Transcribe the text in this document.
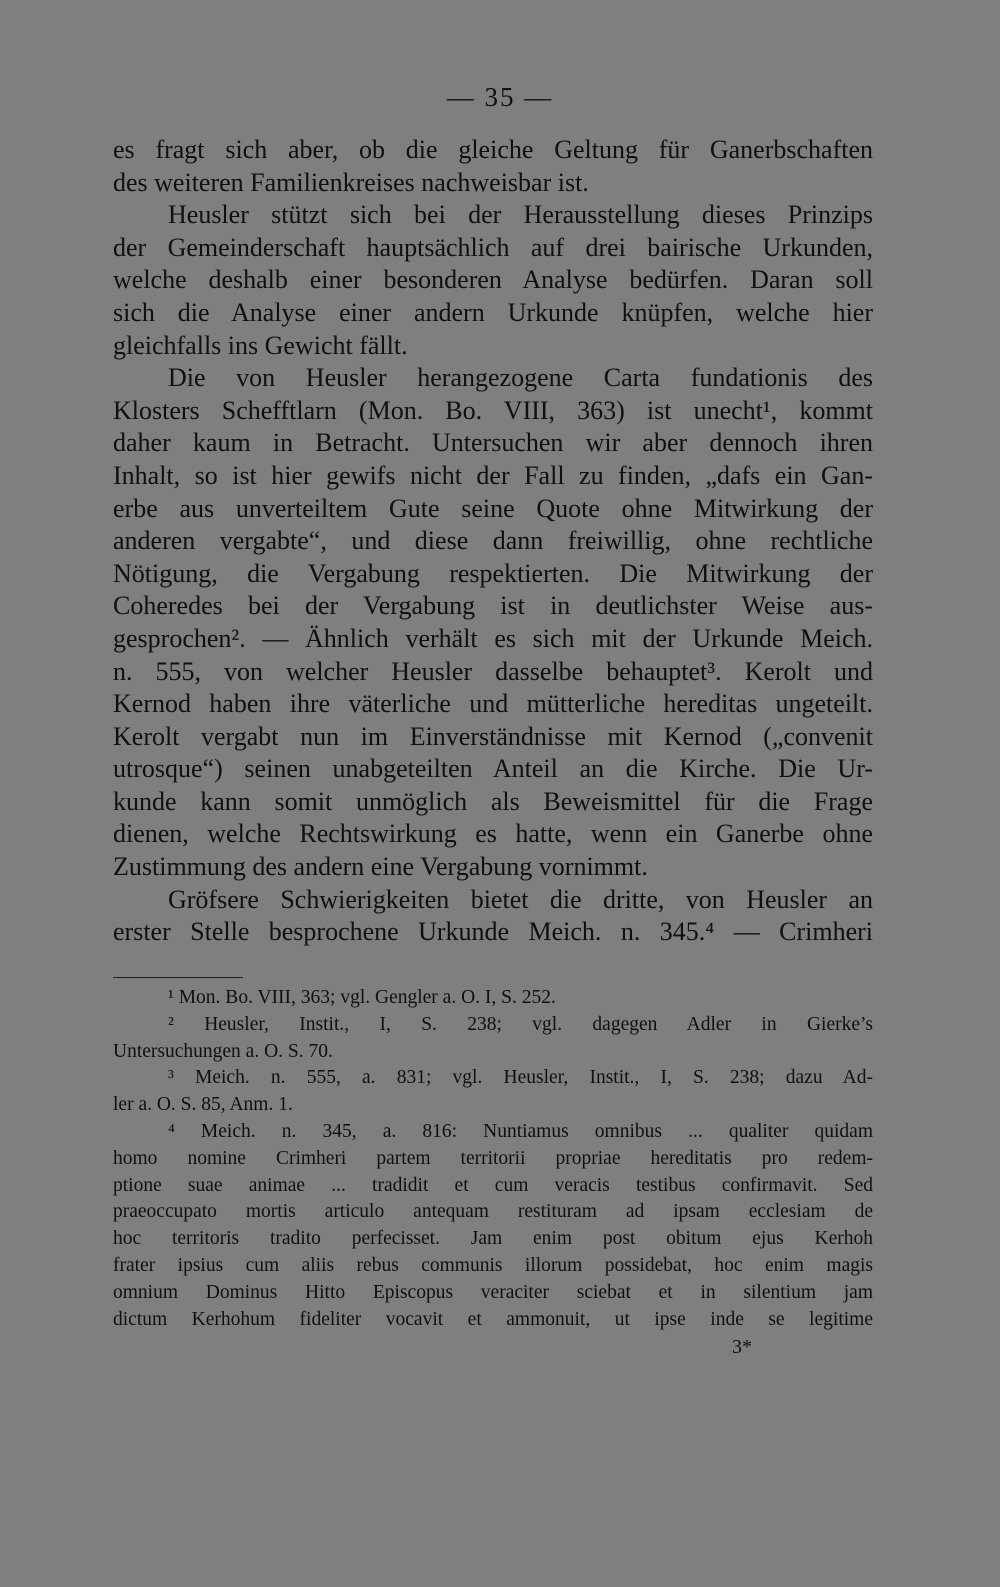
— 35 —
es fragt sich aber, ob die gleiche Geltung für Ganerbschaften
des weiteren Familienkreises nachweisbar ist.
Heusler stützt sich bei der Herausstellung dieses Prinzips
der Gemeinderschaft hauptsächlich auf drei bairische Urkunden,
welche deshalb einer besonderen Analyse bedürfen. Daran soll
sich die Analyse einer andern Urkunde knüpfen, welche hier
gleichfalls ins Gewicht fällt.
Die von Heusler herangezogene Carta fundationis des
Klosters Schefftlarn (Mon. Bo. VIII, 363) ist unecht¹, kommt
daher kaum in Betracht. Untersuchen wir aber dennoch ihren
Inhalt, so ist hier gewifs nicht der Fall zu finden, „dafs ein Gan-
erbe aus unverteiltem Gute seine Quote ohne Mitwirkung der
anderen vergabte“, und diese dann freiwillig, ohne rechtliche
Nötigung, die Vergabung respektierten. Die Mitwirkung der
Coheredes bei der Vergabung ist in deutlichster Weise aus-
gesprochen². — Ähnlich verhält es sich mit der Urkunde Meich.
n. 555, von welcher Heusler dasselbe behauptet³. Kerolt und
Kernod haben ihre väterliche und mütterliche hereditas ungeteilt.
Kerolt vergabt nun im Einverständnisse mit Kernod („convenit
utrosque“) seinen unabgeteilten Anteil an die Kirche. Die Ur-
kunde kann somit unmöglich als Beweismittel für die Frage
dienen, welche Rechtswirkung es hatte, wenn ein Ganerbe ohne
Zustimmung des andern eine Vergabung vornimmt.
Gröfsere Schwierigkeiten bietet die dritte, von Heusler an
erster Stelle besprochene Urkunde Meich. n. 345.⁴ — Crimheri
¹ Mon. Bo. VIII, 363; vgl. Gengler a. O. I, S. 252.
² Heusler, Instit., I, S. 238; vgl. dagegen Adler in Gierke’s
Untersuchungen a. O. S. 70.
³ Meich. n. 555, a. 831; vgl. Heusler, Instit., I, S. 238; dazu Ad-
ler a. O. S. 85, Anm. 1.
⁴ Meich. n. 345, a. 816: Nuntiamus omnibus ... qualiter quidam
homo nomine Crimheri partem territorii propriae hereditatis pro redem-
ptione suae animae ... tradidit et cum veracis testibus confirmavit. Sed
praeoccupato mortis articulo antequam restituram ad ipsam ecclesiam de
hoc territoris tradito perfecisset. Jam enim post obitum ejus Kerhoh
frater ipsius cum aliis rebus communis illorum possidebat, hoc enim magis
omnium Dominus Hitto Episcopus veraciter sciebat et in silentium jam
dictum Kerhohum fideliter vocavit et ammonuit, ut ipse inde se legitime
3*
